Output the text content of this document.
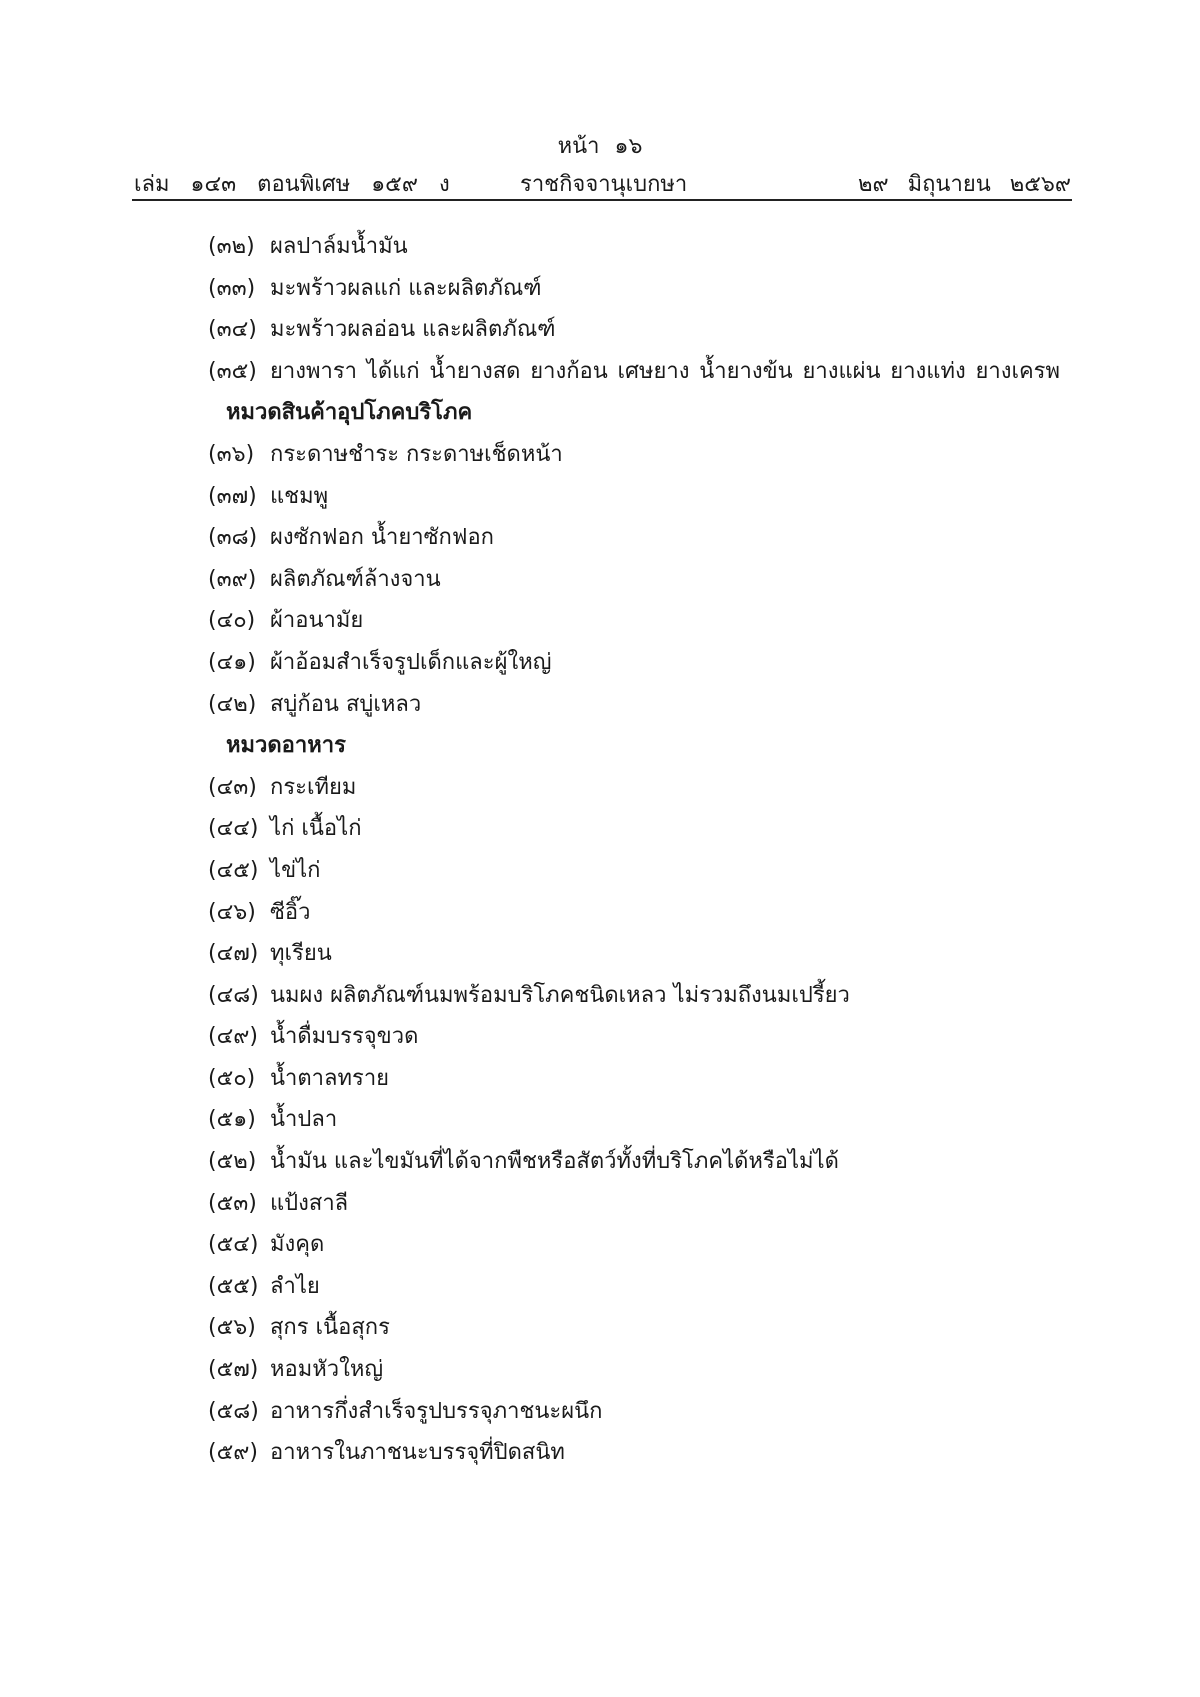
หน้า ๑๖
เล่ม ๑๔๓ ตอนพิเศษ ๑๕๙ ง	ราชกิจจานุเบกษา	๒๙ มิถุนายน ๒๕๖๙
(๓๒) ผลปาล์มน้ำมัน
(๓๓) มะพร้าวผลแก่ และผลิตภัณฑ์
(๓๔) มะพร้าวผลอ่อน และผลิตภัณฑ์
(๓๕) ยางพารา ได้แก่ น้ำยางสด ยางก้อน เศษยาง น้ำยางข้น ยางแผ่น ยางแท่ง ยางเครพ
หมวดสินค้าอุปโภคบริโภค
(๓๖) กระดาษชำระ กระดาษเช็ดหน้า
(๓๗) แชมพู
(๓๘) ผงซักฟอก น้ำยาซักฟอก
(๓๙) ผลิตภัณฑ์ล้างจาน
(๔๐) ผ้าอนามัย
(๔๑) ผ้าอ้อมสำเร็จรูปเด็กและผู้ใหญ่
(๔๒) สบู่ก้อน สบู่เหลว
หมวดอาหาร
(๔๓) กระเทียม
(๔๔) ไก่ เนื้อไก่
(๔๕) ไข่ไก่
(๔๖) ซีอิ๊ว
(๔๗) ทุเรียน
(๔๘) นมผง ผลิตภัณฑ์นมพร้อมบริโภคชนิดเหลว ไม่รวมถึงนมเปรี้ยว
(๔๙) น้ำดื่มบรรจุขวด
(๕๐) น้ำตาลทราย
(๕๑) น้ำปลา
(๕๒) น้ำมัน และไขมันที่ได้จากพืชหรือสัตว์ทั้งที่บริโภคได้หรือไม่ได้
(๕๓) แป้งสาลี
(๕๔) มังคุด
(๕๕) ลำไย
(๕๖) สุกร เนื้อสุกร
(๕๗) หอมหัวใหญ่
(๕๘) อาหารกึ่งสำเร็จรูปบรรจุภาชนะผนึก
(๕๙) อาหารในภาชนะบรรจุที่ปิดสนิท
